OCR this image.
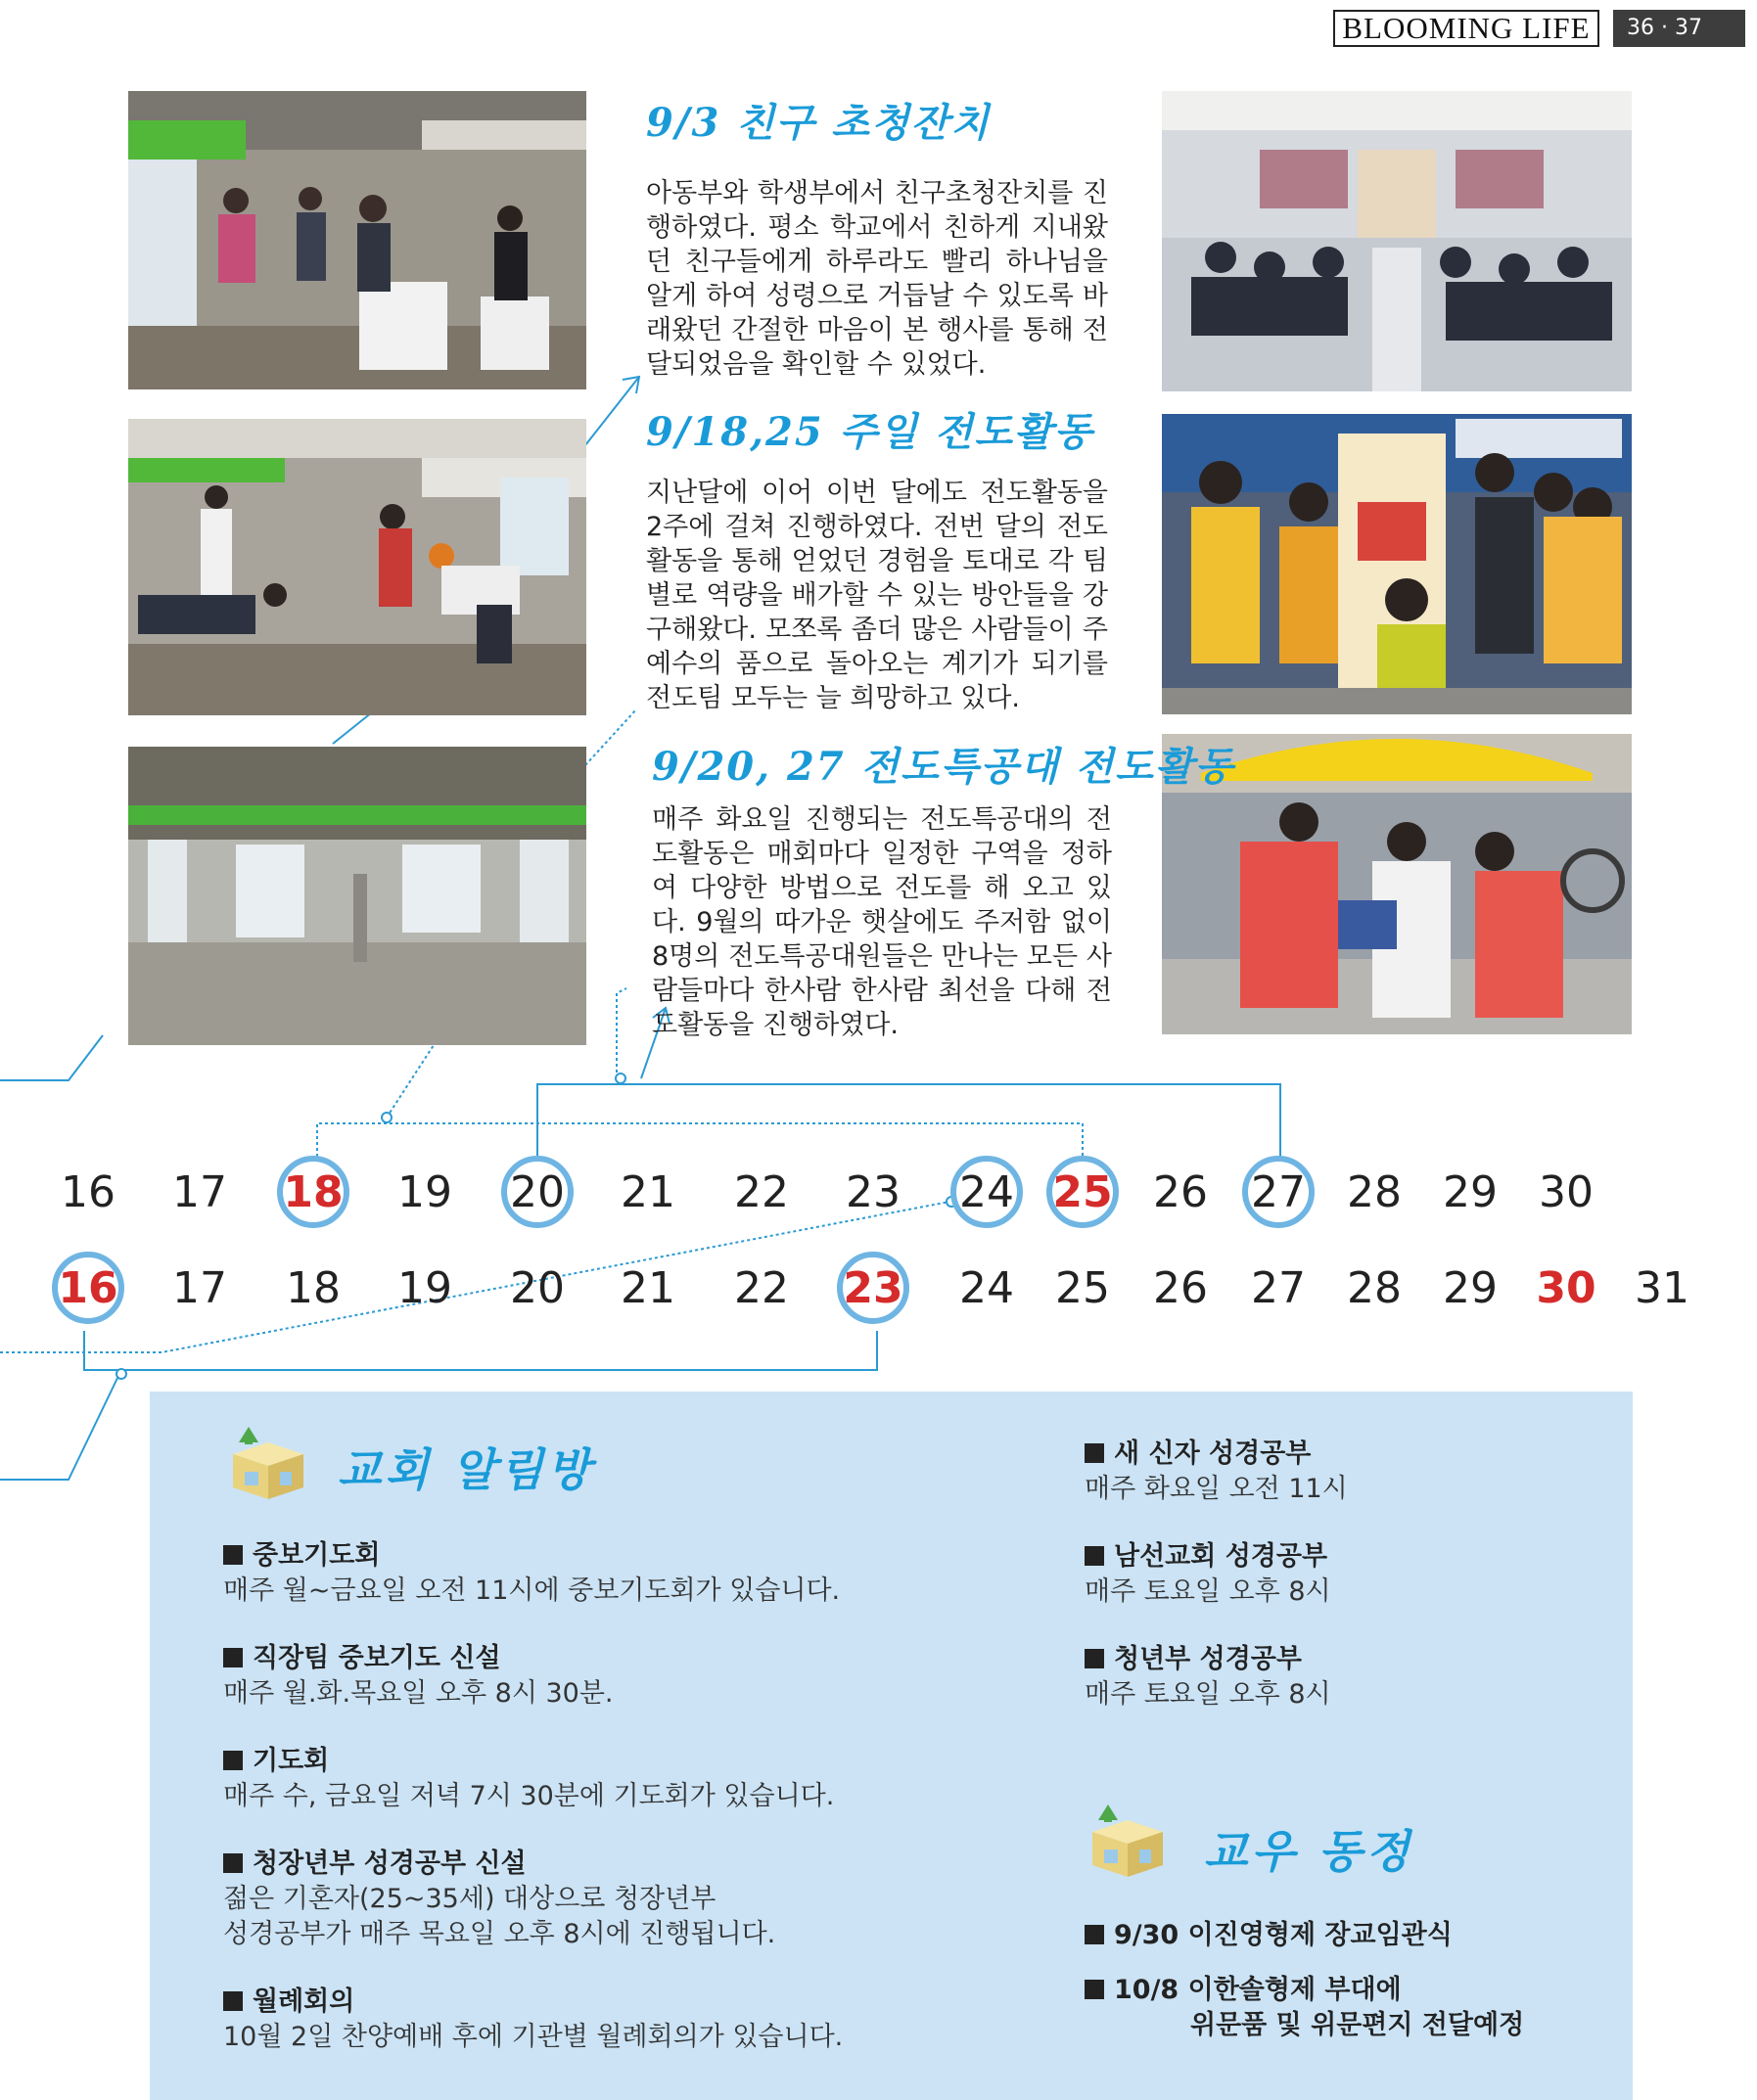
BLOOMING LIFE	36 · 37
9/3 친구 초청잔치

아동부와 학생부에서 친구초청잔치를 진행하였다. 평소 학교에서 친하게 지내왔던 친구들에게 하루라도 빨리 하나님을 알게 하여 성령으로 거듭날 수 있도록 바래왔던 간절한 마음이 본 행사를 통해 전달되었음을 확인할 수 있었다.

9/18,25 주일 전도활동

지난달에 이어 이번 달에도 전도활동을 2주에 걸쳐 진행하였다. 전번 달의 전도활동을 통해 얻었던 경험을 토대로 각 팀별로 역량을 배가할 수 있는 방안들을 강구해왔다. 모쪼록 좀더 많은 사람들이 주 예수의 품으로 돌아오는 계기가 되기를 전도팀 모두는 늘 희망하고 있다.

9/20, 27 전도특공대 전도활동

매주 화요일 진행되는 전도특공대의 전도활동은 매회마다 일정한 구역을 정하여 다양한 방법으로 전도를 해 오고 있다. 9월의 따가운 햇살에도 주저함 없이 8명의 전도특공대원들은 만나는 모든 사람들마다 한사람 한사람 최선을 다해 전도활동을 진행하였다.

16	17	18	19	20	21	22	23	24 25 26	27 28 29 30
16	17	18	19	20	21	22	23	24 25	26	27 28 29 30 31
교회 알림방

중보기도회

매주 월~금요일 오전 11시에 중보기도회가 있습니다.

직장팀 중보기도 신설

매주 월.화.목요일 오후 8시 30분.

기도회

매주 수, 금요일 저녁 7시 30분에 기도회가 있습니다.

청장년부 성경공부 신설

젊은 기혼자(25~35세) 대상으로 청장년부

성경공부가 매주 목요일 오후 8시에 진행됩니다.

월례회의

10월 2일 찬양예배 후에 기관별 월례회의가 있습니다.

새 신자 성경공부

매주 화요일 오전 11시

남선교회 성경공부

매주 토요일 오후 8시

청년부 성경공부

매주 토요일 오후 8시

교우 동정

9/30 이진영형제 장교임관식

10/8 이한솔형제 부대에

위문품 및 위문편지 전달예정
